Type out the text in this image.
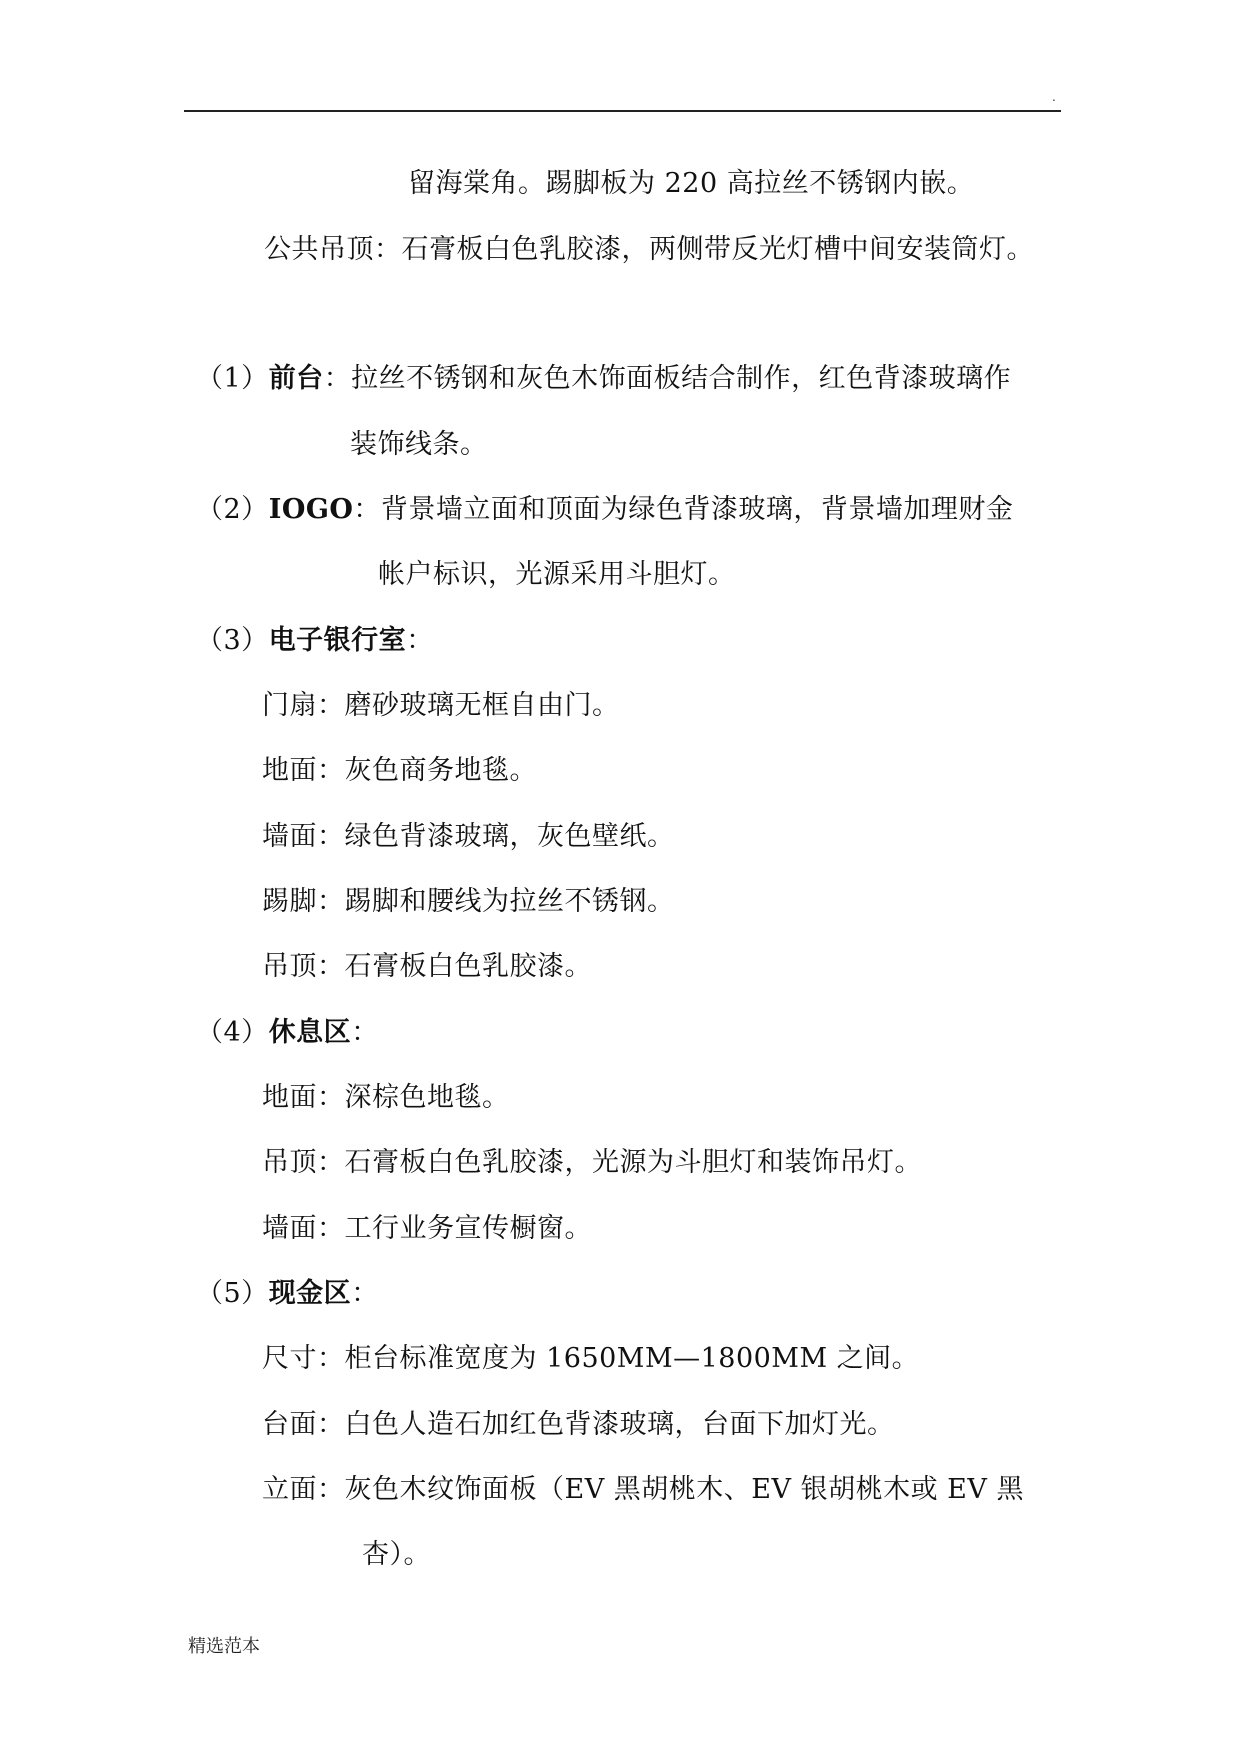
.
留海棠角。踢脚板为 220 高拉丝不锈钢内嵌。
公共吊顶：石膏板白色乳胶漆，两侧带反光灯槽中间安装筒灯。
（1）前台：拉丝不锈钢和灰色木饰面板结合制作，红色背漆玻璃作
装饰线条。
（2）IOGO：背景墙立面和顶面为绿色背漆玻璃，背景墙加理财金
帐户标识，光源采用斗胆灯。
（3）电子银行室：
门扇：磨砂玻璃无框自由门。
地面：灰色商务地毯。
墙面：绿色背漆玻璃，灰色壁纸。
踢脚：踢脚和腰线为拉丝不锈钢。
吊顶：石膏板白色乳胶漆。
（4）休息区：
地面：深棕色地毯。
吊顶：石膏板白色乳胶漆，光源为斗胆灯和装饰吊灯。
墙面：工行业务宣传橱窗。
（5）现金区：
尺寸：柜台标准宽度为 1650MM—1800MM 之间。
台面：白色人造石加红色背漆玻璃，台面下加灯光。
立面：灰色木纹饰面板（EV 黑胡桃木、EV 银胡桃木或 EV 黑
杏）。
精选范本
